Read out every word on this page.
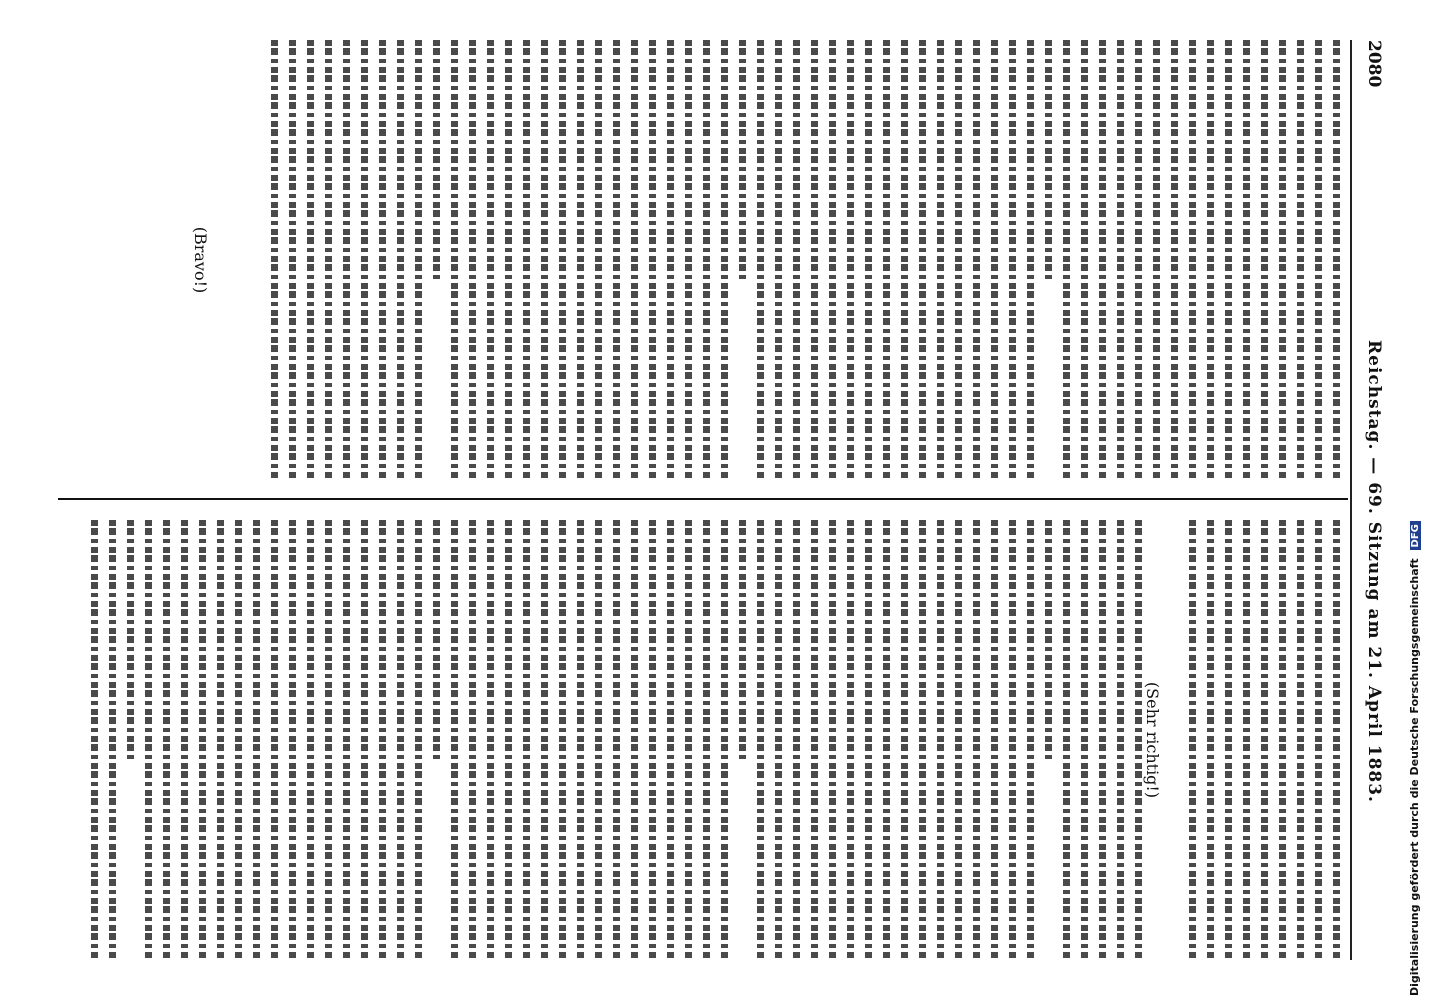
2080
Reichstag. — 69. Sitzung am 21. April 1883.
(Bravo!)
(Sehr richtig!)	Digitalisierung gefördert durch die Deutsche Forschungsgemeinschaft DFG
